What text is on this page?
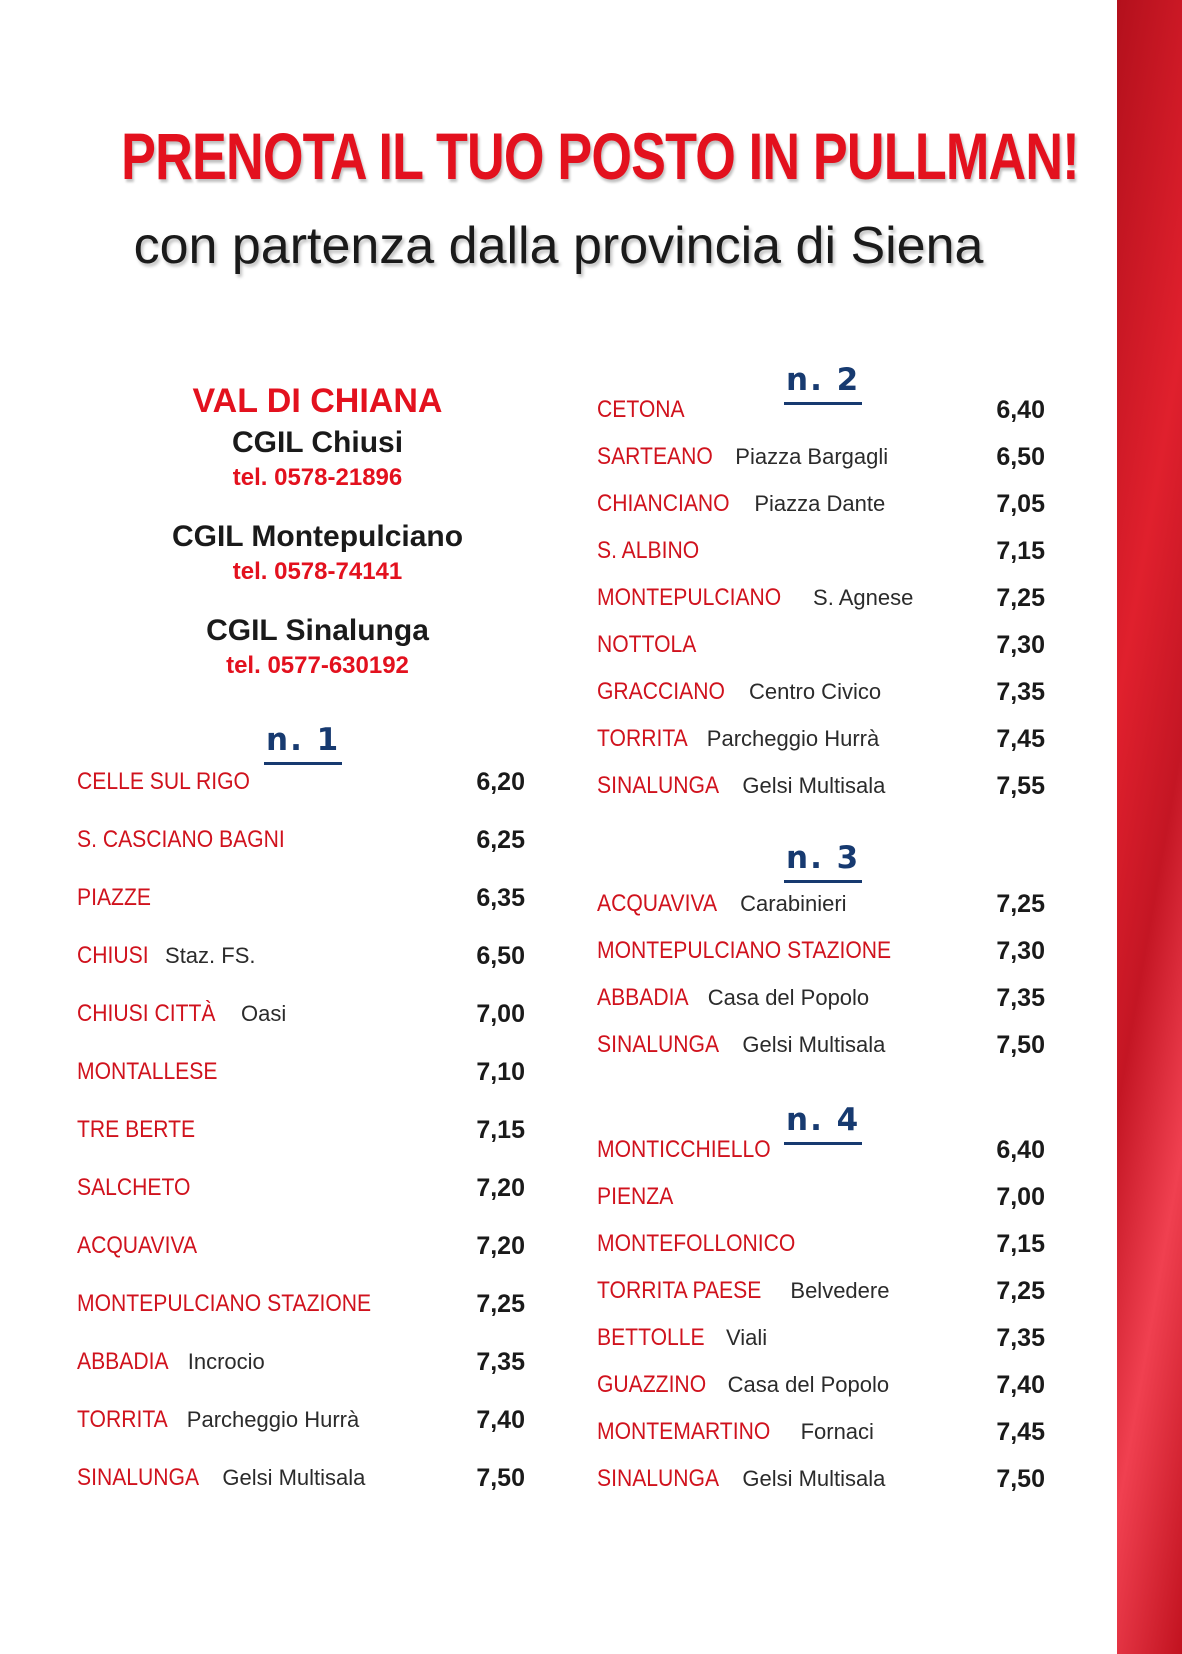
PRENOTA IL TUO POSTO IN PULLMAN!
con partenza dalla provincia di Siena
VAL DI CHIANA
CGIL Chiusi
tel. 0578-21896
CGIL Montepulciano
tel. 0578-74141
CGIL Sinalunga
tel. 0577-630192
n. 1
n. 2
n. 3
n. 4
CELLE SUL RIGO	6,20
S. CASCIANO BAGNI	6,25
PIAZZE	6,35
CHIUSI Staz. FS.	6,50
CHIUSI CITTÀ Oasi	7,00
MONTALLESE	7,10
TRE BERTE	7,15
SALCHETO	7,20
ACQUAVIVA	7,20
MONTEPULCIANO STAZIONE	7,25
ABBADIA Incrocio	7,35
TORRITA Parcheggio Hurrà	7,40
SINALUNGA Gelsi Multisala	7,50
CETONA	6,40
SARTEANO Piazza Bargagli	6,50
CHIANCIANO Piazza Dante	7,05
S. ALBINO	7,15
MONTEPULCIANO S. Agnese	7,25
NOTTOLA	7,30
GRACCIANO Centro Civico	7,35
TORRITA Parcheggio Hurrà	7,45
SINALUNGA Gelsi Multisala	7,55
ACQUAVIVA Carabinieri	7,25
MONTEPULCIANO STAZIONE	7,30
ABBADIA Casa del Popolo	7,35
SINALUNGA Gelsi Multisala	7,50
MONTICCHIELLO	6,40
PIENZA	7,00
MONTEFOLLONICO	7,15
TORRITA PAESE Belvedere	7,25
BETTOLLE Viali	7,35
GUAZZINO Casa del Popolo	7,40
MONTEMARTINO Fornaci	7,45
SINALUNGA Gelsi Multisala	7,50
